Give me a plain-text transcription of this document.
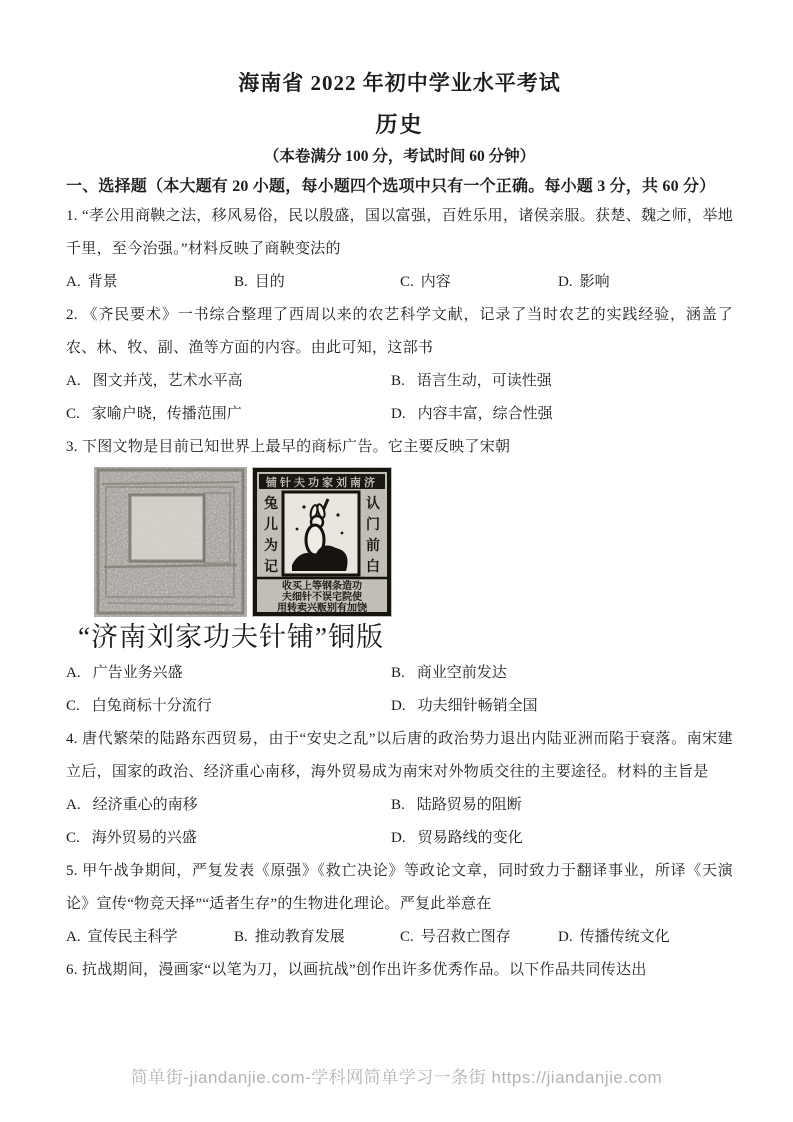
海南省 2022 年初中学业水平考试
历史

（本卷满分 100 分，考试时间 60 分钟）

一、选择题（本大题有 20 小题，每小题四个选项中只有一个正确。每小题 3 分，共 60 分）

1. “孝公用商鞅之法，移风易俗，民以殷盛，国以富强，百姓乐用，诸侯亲服。获楚、魏之师，举地千里，至今治强。”材料反映了商鞅变法的

A. 背景	B. 目的	C. 内容	D. 影响

2. 《齐民要术》一书综合整理了西周以来的农艺科学文献，记录了当时农艺的实践经验，涵盖了农、林、牧、副、渔等方面的内容。由此可知，这部书

A. 图文并茂，艺术水平高	B. 语言生动，可读性强
C. 家喻户晓，传播范围广	D. 内容丰富，综合性强

3. 下图文物是目前已知世界上最早的商标广告。它主要反映了宋朝

铺针夫功家刘南济
兔
儿
为
记
认
门
前
白
收买上等钢条造功
夫细针不误宅院使
用转卖兴贩别有加饶

“济南刘家功夫针铺”铜版

A. 广告业务兴盛	B. 商业空前发达
C. 白兔商标十分流行	D. 功夫细针畅销全国

4. 唐代繁荣的陆路东西贸易，由于“安史之乱”以后唐的政治势力退出内陆亚洲而陷于衰落。南宋建立后，国家的政治、经济重心南移，海外贸易成为南宋对外物质交往的主要途径。材料的主旨是

A. 经济重心的南移	B. 陆路贸易的阻断
C. 海外贸易的兴盛	D. 贸易路线的变化

5. 甲午战争期间，严复发表《原强》《救亡决论》等政论文章，同时致力于翻译事业，所译《天演论》宣传“物竞天择”“适者生存”的生物进化理论。严复此举意在

A. 宣传民主科学	B. 推动教育发展	C. 号召救亡图存	D. 传播传统文化

6. 抗战期间，漫画家“以笔为刀，以画抗战”创作出许多优秀作品。以下作品共同传达出

简单街-jiandanjie.com-学科网简单学习一条街 https://jiandanjie.com
